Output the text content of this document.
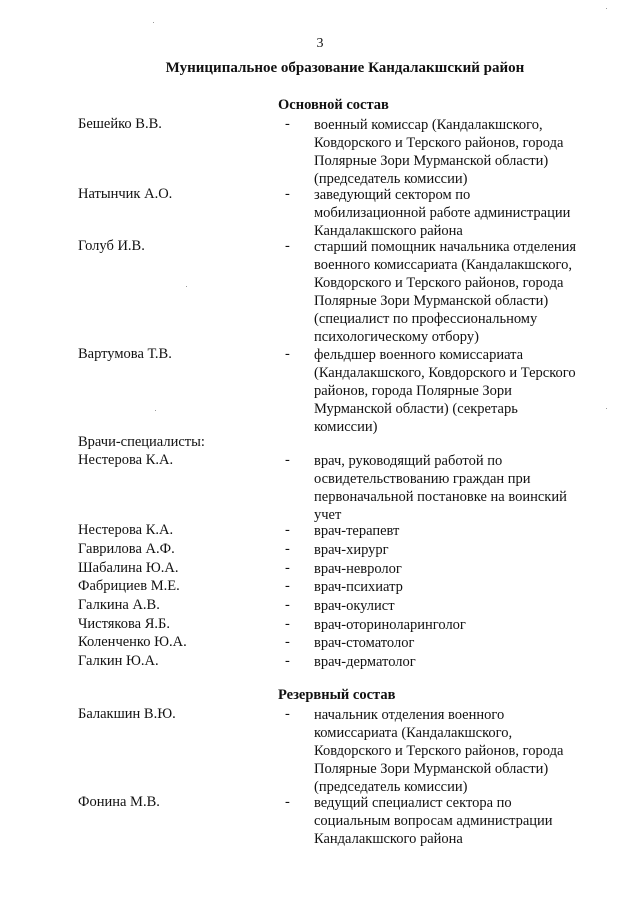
3
Муниципальное образование Кандалакшский район
Основной состав
Бешейко В.В.	- военный комиссар (Кандалакшского,
Ковдорского и Терского районов, города
Полярные Зори Мурманской области)
(председатель комиссии)
Натынчик А.О.	- заведующий сектором по
мобилизационной работе администрации
Кандалакшского района
Голуб И.В.	- старший помощник начальника отделения
военного комиссариата (Кандалакшского,
Ковдорского и Терского районов, города
Полярные Зори Мурманской области)
(специалист по профессиональному
психологическому отбору)
Вартумова Т.В.	- фельдшер военного комиссариата
(Кандалакшского, Ковдорского и Терского
районов, города Полярные Зори
Мурманской области) (секретарь
комиссии)
Врачи-специалисты:
Нестерова К.А.	- врач, руководящий работой по
освидетельствованию граждан при
первоначальной постановке на воинский
учет
Нестерова К.А.	- врач-терапевт
Гаврилова А.Ф.	- врач-хирург
Шабалина Ю.А.	- врач-невролог
Фабрициев М.Е.	- врач-психиатр
Галкина А.В.	- врач-окулист
Чистякова Я.Б.	- врач-оториноларинголог
Коленченко Ю.А.	- врач-стоматолог
Галкин Ю.А.	- врач-дерматолог
Резервный состав
Балакшин В.Ю.	- начальник отделения военного
комиссариата (Кандалакшского,
Ковдорского и Терского районов, города
Полярные Зори Мурманской области)
(председатель комиссии)
Фонина М.В.	- ведущий специалист сектора по
социальным вопросам администрации
Кандалакшского района
